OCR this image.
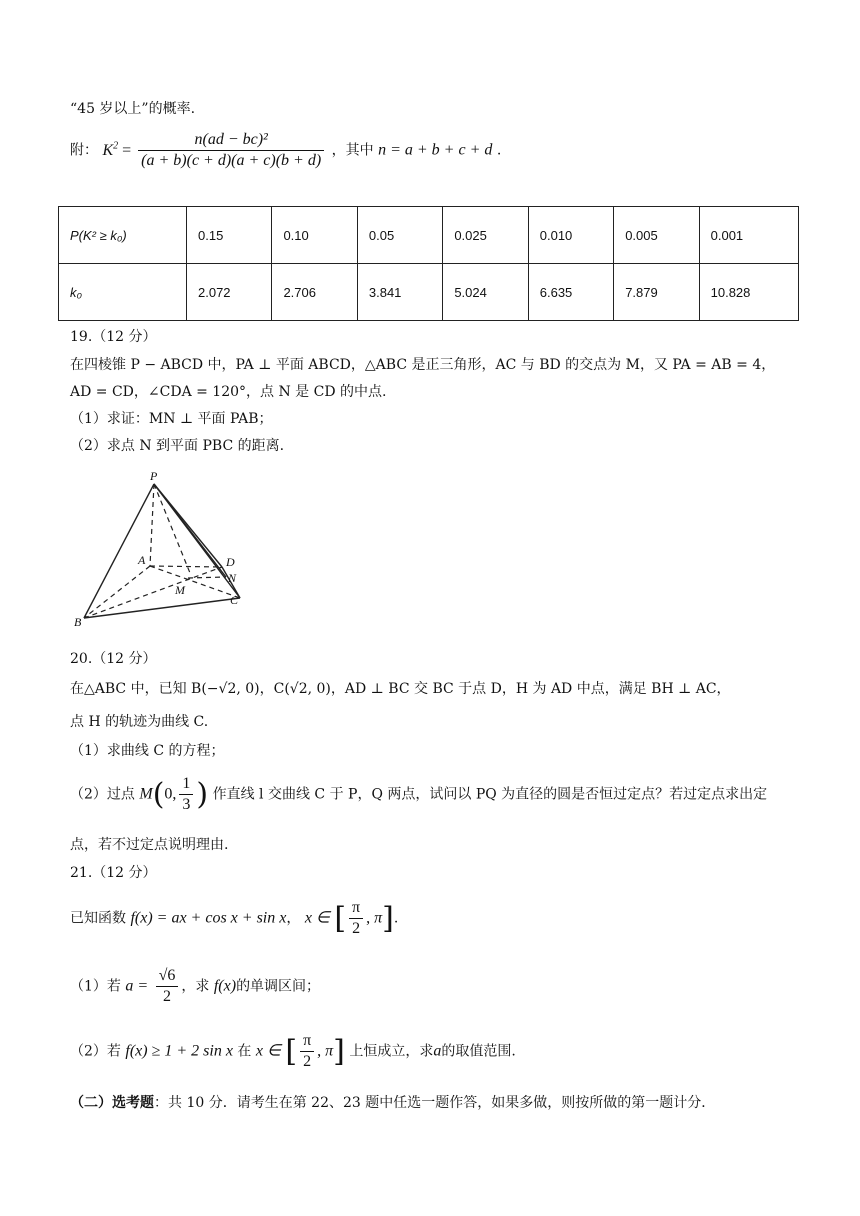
“45 岁以上”的概率.
附： $K^2 = \frac{\text{n(ad − bc)²}}{(a + b)(c + d)(a + c)(b + d)}$ ，其中 n = a + b + c + d .
P(K² ≥ k₀)	0.15	0.10	0.05	0.025	0.010	0.005	0.001
k₀	2.072	2.706	3.841	5.024	6.635	7.879	10.828
19.（12 分）
在四棱锥 P − ABCD 中，PA ⊥ 平面 ABCD，△ABC 是正三角形，AC 与 BD 的交点为 M，又 PA = AB = 4，
AD = CD，∠CDA = 120°，点 N 是 CD 的中点.
（1）求证：MN ⊥ 平面 PAB；
（2）求点 N 到平面 PBC 的距离.
P
A	D
N
M
C
B
20.（12 分）
在△ABC 中，已知 B(−√2, 0)，C(√2, 0)，AD ⊥ BC 交 BC 于点 D，H 为 AD 中点，满足 BH ⊥ AC，
点 H 的轨迹为曲线 C.
（1）求曲线 C 的方程；
（2）过点 M(0, $\frac{1}{3}$ ) 作直线 l 交曲线 C 于 P，Q 两点，试问以 PQ 为直径的圆是否恒过定点？若过定点求出定
点，若不过定点说明理由.
21.（12 分）
已知函数 f(x) = ax + cos x + sin x， x ∈ [ $\frac{\pi}{2}$ , π].
（1）若 $a = \frac{√6}{2}$ ，求 f(x)的单调区间；
（2）若 f(x) ≥ 1 + 2 sin x 在 x ∈ [ $\frac{\pi}{2}$ , π] 上恒成立，求a的取值范围.
（二）选考题：共 10 分．请考生在第 22、23 题中任选一题作答，如果多做，则按所做的第一题计分．
